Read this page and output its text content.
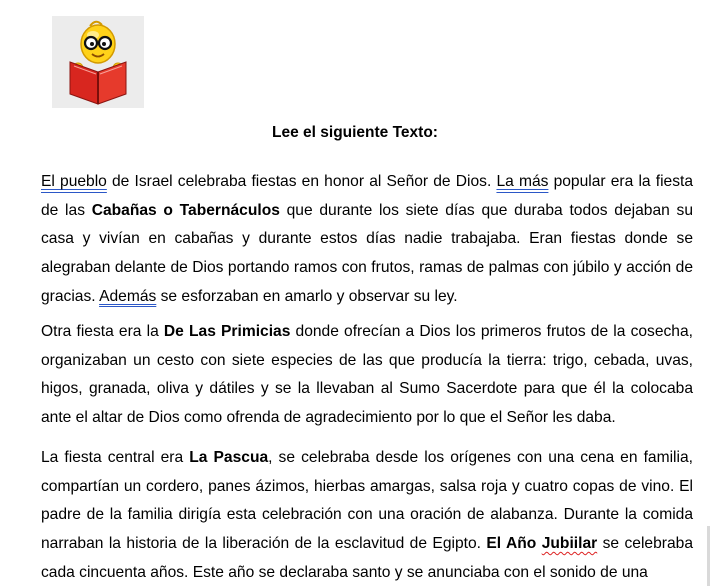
Lee el siguiente Texto:
El pueblo de Israel celebraba fiestas en honor al Señor de Dios. La más popular era la fiesta de las Cabañas o Tabernáculos que durante los siete días que duraba todos dejaban su casa y vivían en cabañas y durante estos días nadie trabajaba. Eran fiestas donde se alegraban delante de Dios portando ramos con frutos, ramas de palmas con júbilo y acción de gracias. Además se esforzaban en amarlo y observar su ley.
Otra fiesta era la De Las Primicias donde ofrecían a Dios los primeros frutos de la cosecha, organizaban un cesto con siete especies de las que producía la tierra: trigo, cebada, uvas, higos, granada, oliva y dátiles y se la llevaban al Sumo Sacerdote para que él la colocaba ante el altar de Dios como ofrenda de agradecimiento por lo que el Señor les daba.
La fiesta central era La Pascua, se celebraba desde los orígenes con una cena en familia, compartían un cordero, panes ázimos, hierbas amargas, salsa roja y cuatro copas de vino. El padre de la familia dirigía esta celebración con una oración de alabanza. Durante la comida narraban la historia de la liberación de la esclavitud de Egipto. El Año Jubiilar se celebraba cada cincuenta años. Este año se declaraba santo y se anunciaba con el sonido de una
